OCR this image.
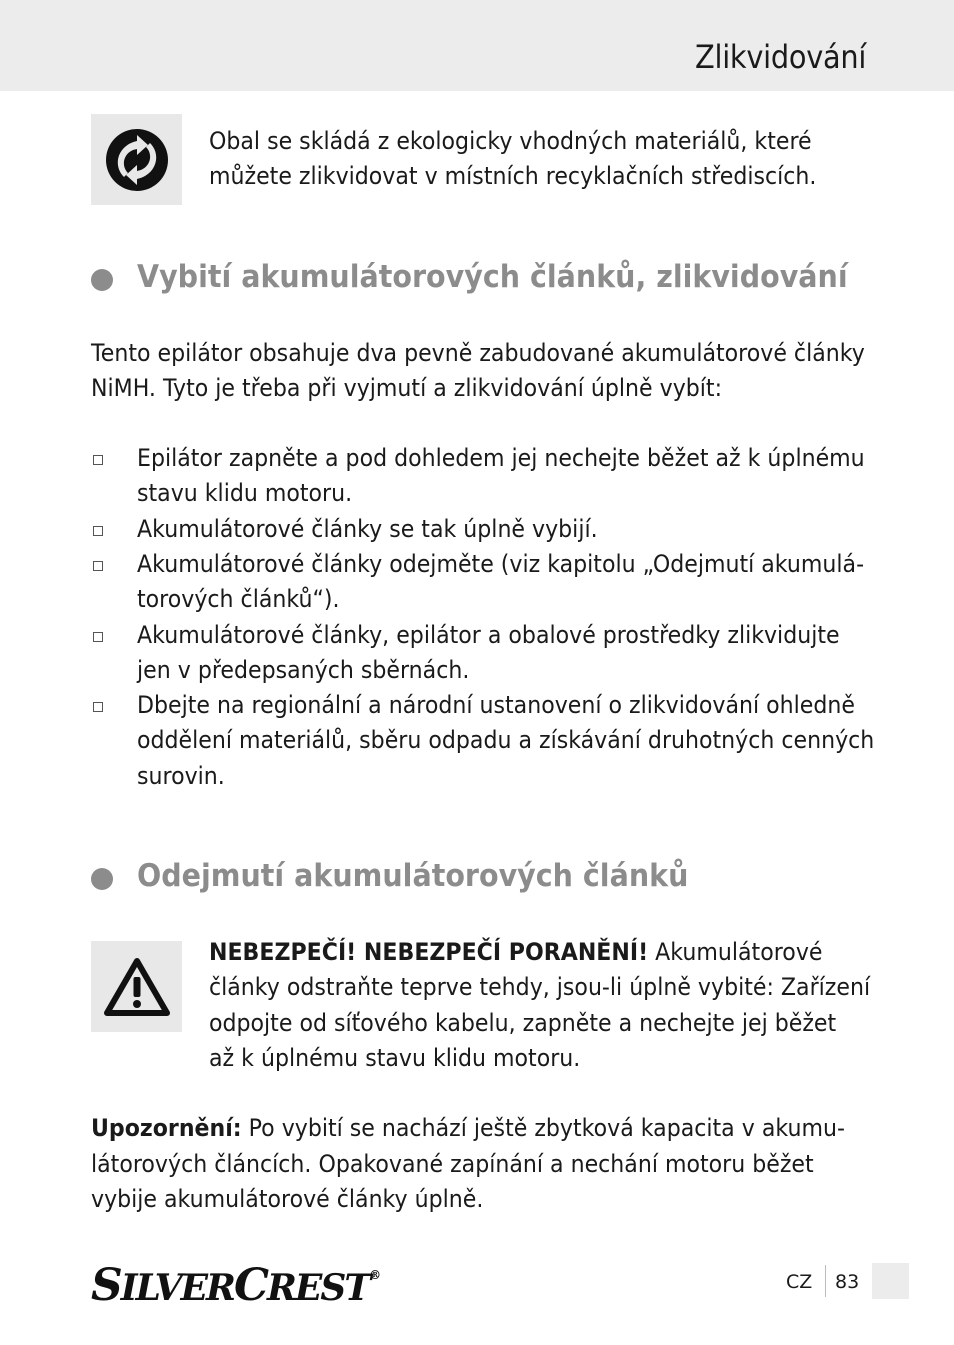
Zlikvidování
Obal se skládá z ekologicky vhodných materiálů, které
můžete zlikvidovat v místních recyklačních střediscích.
Vybití akumulátorových článků, zlikvidování
Tento epilátor obsahuje dva pevně zabudované akumulátorové články
NiMH. Tyto je třeba při vyjmutí a zlikvidování úplně vybít:
Epilátor zapněte a pod dohledem jej nechejte běžet až k úplnému
stavu klidu motoru.
Akumulátorové články se tak úplně vybijí.
Akumulátorové články odejměte (viz kapitolu „Odejmutí akumulá-
torových článků“).
Akumulátorové články, epilátor a obalové prostředky zlikvidujte
jen v předepsaných sběrnách.
Dbejte na regionální a národní ustanovení o zlikvidování ohledně
oddělení materiálů, sběru odpadu a získávání druhotných cenných
surovin.
Odejmutí akumulátorových článků
NEBEZPEČÍ! NEBEZPEČÍ PORANĚNÍ! Akumulátorové
články odstraňte teprve tehdy, jsou-li úplně vybité: Zařízení
odpojte od síťového kabelu, zapněte a nechejte jej běžet
až k úplnému stavu klidu motoru.
Upozornění: Po vybití se nachází ještě zbytková kapacita v akumu-
látorových článcích. Opakované zapínání a nechání motoru běžet
vybije akumulátorové články úplně.
SILVERCREST®	CZ 83
